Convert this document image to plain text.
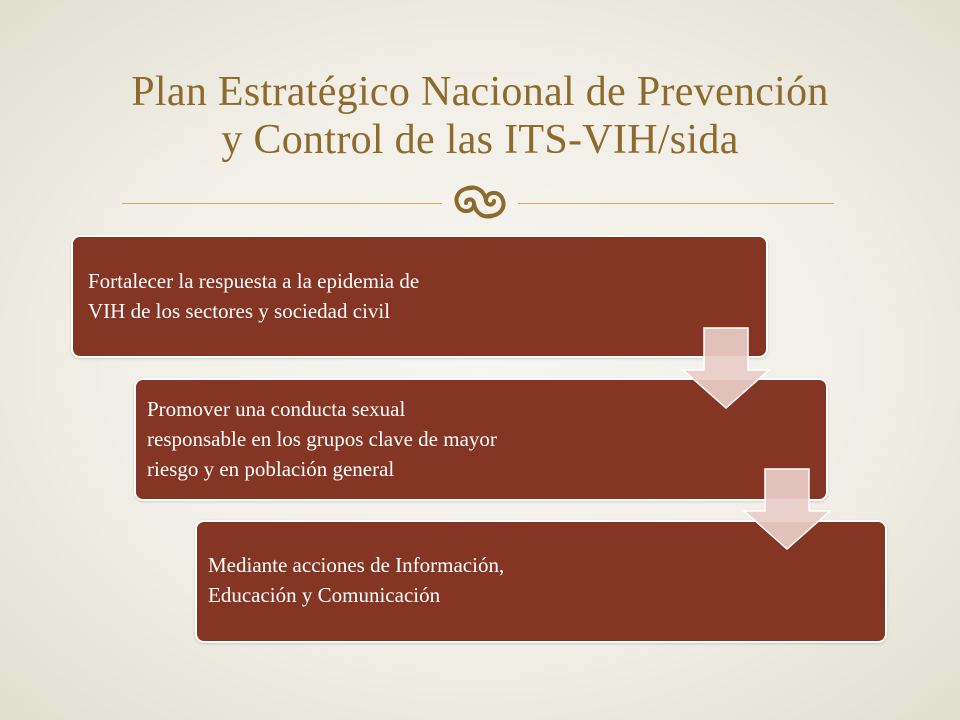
Plan Estratégico Nacional de Prevención
y Control de las ITS-VIH/sida
Fortalecer la respuesta a la epidemia de
VIH de los sectores y sociedad civil
Promover una conducta sexual
responsable en los grupos clave de mayor
riesgo y en población general
Mediante acciones de Información,
Educación y Comunicación
